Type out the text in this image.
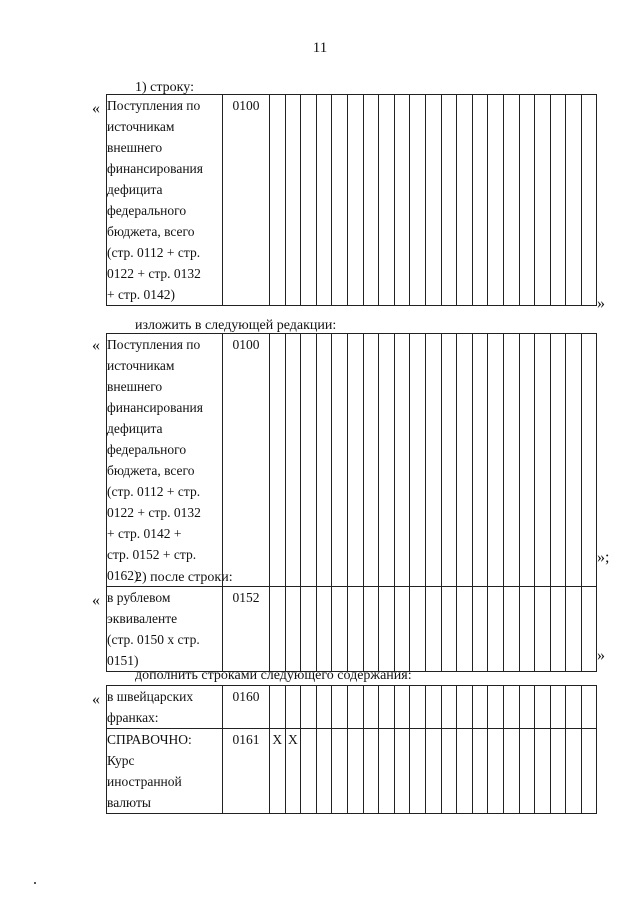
11
1) строку:
изложить в следующей редакции:
2) после строки:
дополнить строками следующего содержания:
«
»
«
»;
«
»
«
Поступления по
источникам
внешнего
финансирования
дефицита
федерального
бюджета, всего
(стр. 0112 + стр.
0122 + стр. 0132
+ стр. 0142)
	0100																					
Поступления по
источникам
внешнего
финансирования
дефицита
федерального
бюджета, всего
(стр. 0112 + стр.
0122 + стр. 0132
+ стр. 0142 +
стр. 0152 + стр.
0162)
	0100																					
в рублевом
эквиваленте
(стр. 0150 х стр.
0151)
	0152																					
в швейцарских
франках:	0160																					

СПРАВОЧНО:
Курс
иностранной
валюты	0161	X	X																			
